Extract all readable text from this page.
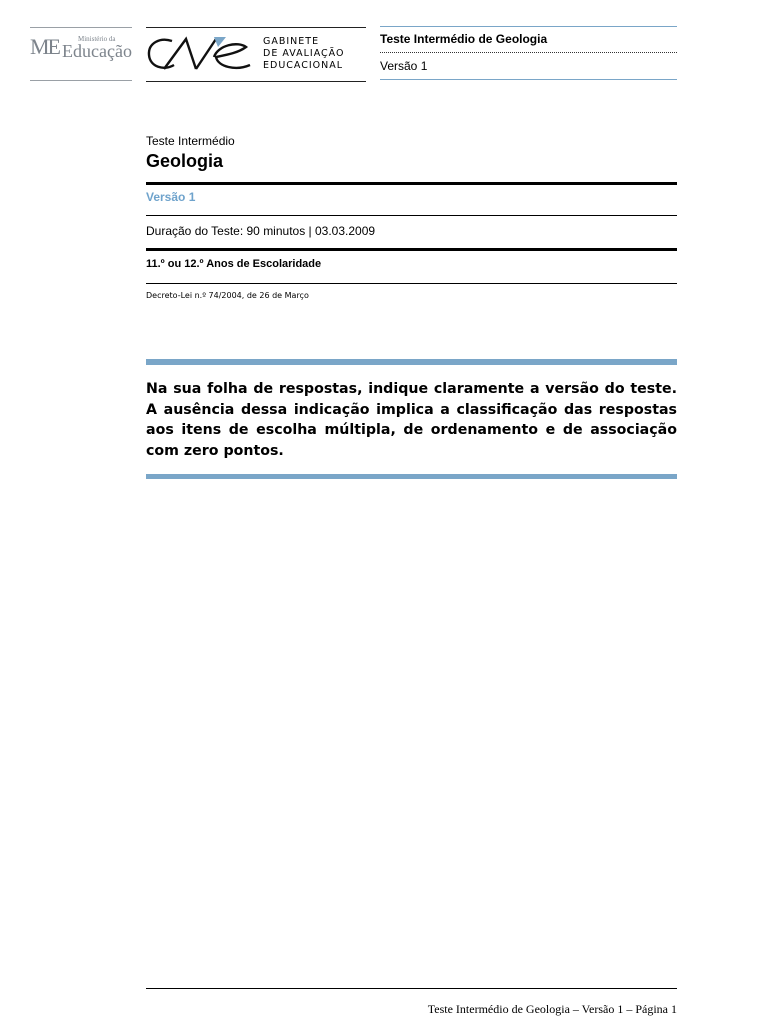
ME	Ministério da
Educação	GABINETE
DE AVALIAÇÃO
EDUCACIONAL
Teste Intermédio de Geologia
Versão 1
Teste Intermédio
Geologia
Versão 1
Duração do Teste: 90 minutos | 03.03.2009
11.º ou 12.º Anos de Escolaridade
Decreto-Lei n.º 74/2004, de 26 de Março
Na sua folha de respostas, indique claramente a versão do teste. A ausência dessa indicação implica a classificação das respostas aos itens de escolha múltipla, de ordenamento e de associação com zero pontos.
Teste Intermédio de Geologia – Versão 1 – Página 1
